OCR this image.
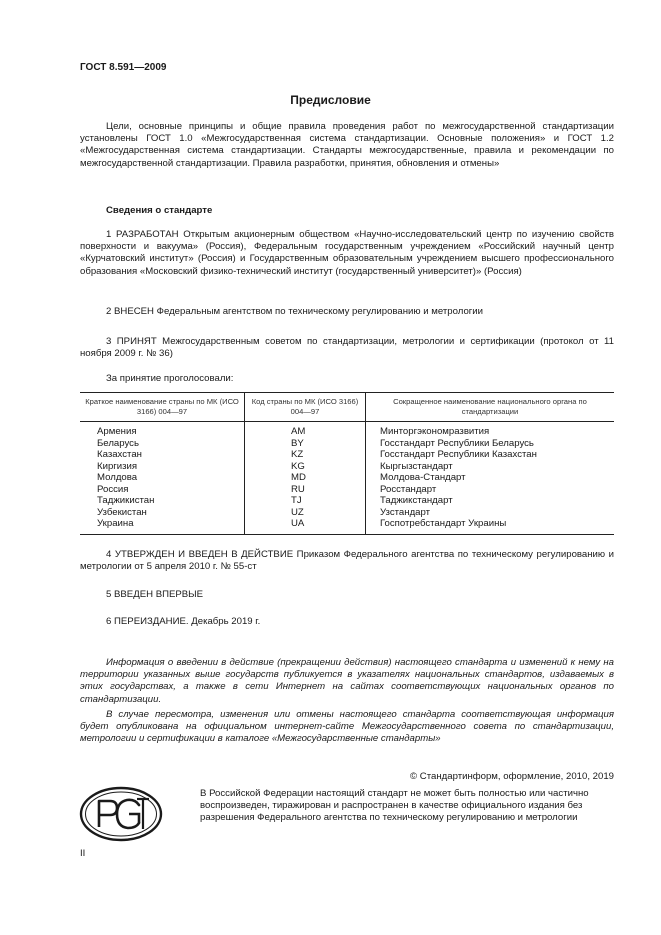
ГОСТ 8.591—2009
Предисловие

Цели, основные принципы и общие правила проведения работ по межгосударственной стандартизации установлены ГОСТ 1.0 «Межгосударственная система стандартизации. Основные положения» и ГОСТ 1.2 «Межгосударственная система стандартизации. Стандарты межгосударственные, правила и рекомендации по межгосударственной стандартизации. Правила разработки, принятия, обновления и отмены»

Сведения о стандарте

1 РАЗРАБОТАН Открытым акционерным обществом «Научно-исследовательский центр по изучению свойств поверхности и вакуума» (Россия), Федеральным государственным учреждением «Российский научный центр «Курчатовский институт» (Россия) и Государственным образовательным учреждением высшего профессионального образования «Московский физико-технический институт (государственный университет)» (Россия)

2 ВНЕСЕН Федеральным агентством по техническому регулированию и метрологии

3 ПРИНЯТ Межгосударственным советом по стандартизации, метрологии и сертификации (протокол от 11 ноября 2009 г. № 36)

За принятие проголосовали:
Краткое наименование страны по МК (ИСО 3166) 004—97	Код страны по МК (ИСО 3166) 004—97	Сокращенное наименование национального органа по стандартизации
Армения	AM	Минторгэкономразвития
Беларусь	BY	Госстандарт Республики Беларусь
Казахстан	KZ	Госстандарт Республики Казахстан
Киргизия	KG	Кыргызстандарт
Молдова	MD	Молдова-Стандарт
Россия	RU	Росстандарт
Таджикистан	TJ	Таджикстандарт
Узбекистан	UZ	Узстандарт
Украина	UA	Госпотребстандарт Украины

4 УТВЕРЖДЕН И ВВЕДЕН В ДЕЙСТВИЕ Приказом Федерального агентства по техническому регулированию и метрологии от 5 апреля 2010 г. № 55-ст

5 ВВЕДЕН ВПЕРВЫЕ

6 ПЕРЕИЗДАНИЕ. Декабрь 2019 г.

Информация о введении в действие (прекращении действия) настоящего стандарта и изменений к нему на территории указанных выше государств публикуется в указателях национальных стандартов, издаваемых в этих государствах, а также в сети Интернет на сайтах соответствующих национальных органов по стандартизации.

В случае пересмотра, изменения или отмены настоящего стандарта соответствующая информация будет опубликована на официальном интернет-сайте Межгосударственного совета по стандартизации, метрологии и сертификации в каталоге «Межгосударственные стандарты»

© Стандартинформ, оформление, 2010, 2019
В Российской Федерации настоящий стандарт не может быть полностью или частично воспроизведен, тиражирован и распространен в качестве официального издания без разрешения Федерального агентства по техническому регулированию и метрологии
II
